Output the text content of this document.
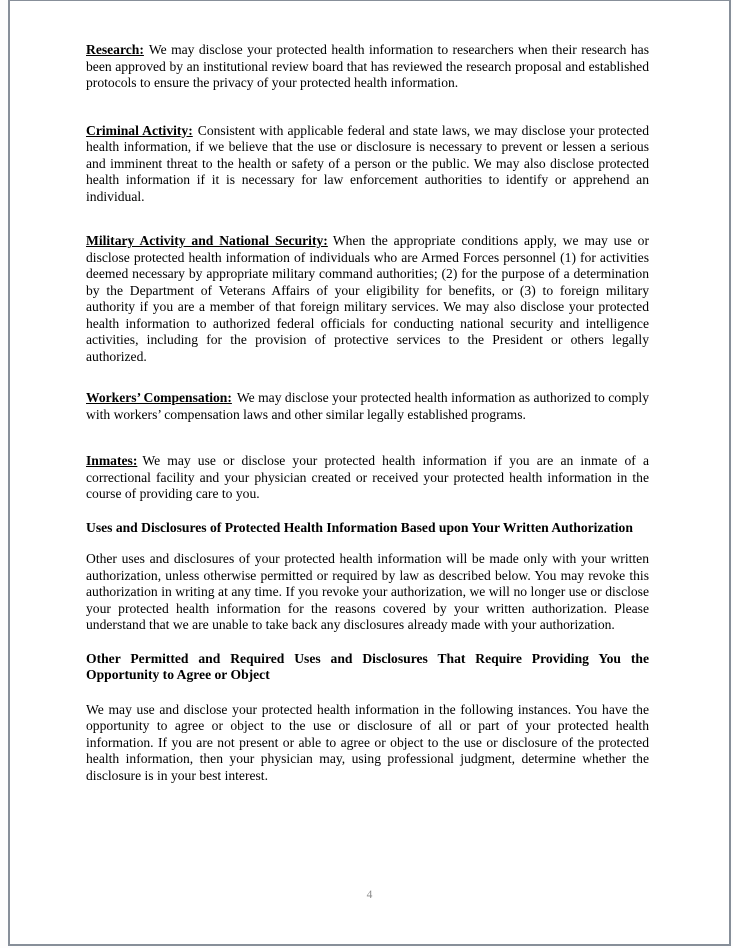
Research: We may disclose your protected health information to researchers when their research has been approved by an institutional review board that has reviewed the research proposal and established protocols to ensure the privacy of your protected health information.

Criminal Activity: Consistent with applicable federal and state laws, we may disclose your protected health information, if we believe that the use or disclosure is necessary to prevent or lessen a serious and imminent threat to the health or safety of a person or the public. We may also disclose protected health information if it is necessary for law enforcement authorities to identify or apprehend an individual.

Military Activity and National Security: When the appropriate conditions apply, we may use or disclose protected health information of individuals who are Armed Forces personnel (1) for activities deemed necessary by appropriate military command authorities; (2) for the purpose of a determination by the Department of Veterans Affairs of your eligibility for benefits, or (3) to foreign military authority if you are a member of that foreign military services. We may also disclose your protected health information to authorized federal officials for conducting national security and intelligence activities, including for the provision of protective services to the President or others legally authorized.

Workers’ Compensation: We may disclose your protected health information as authorized to comply with workers’ compensation laws and other similar legally established programs.

Inmates: We may use or disclose your protected health information if you are an inmate of a correctional facility and your physician created or received your protected health information in the course of providing care to you.

Uses and Disclosures of Protected Health Information Based upon Your Written Authorization

Other uses and disclosures of your protected health information will be made only with your written authorization, unless otherwise permitted or required by law as described below. You may revoke this authorization in writing at any time. If you revoke your authorization, we will no longer use or disclose your protected health information for the reasons covered by your written authorization. Please understand that we are unable to take back any disclosures already made with your authorization.

Other Permitted and Required Uses and Disclosures That Require Providing You the Opportunity to Agree or Object

We may use and disclose your protected health information in the following instances. You have the opportunity to agree or object to the use or disclosure of all or part of your protected health information. If you are not present or able to agree or object to the use or disclosure of the protected health information, then your physician may, using professional judgment, determine whether the disclosure is in your best interest.

4
